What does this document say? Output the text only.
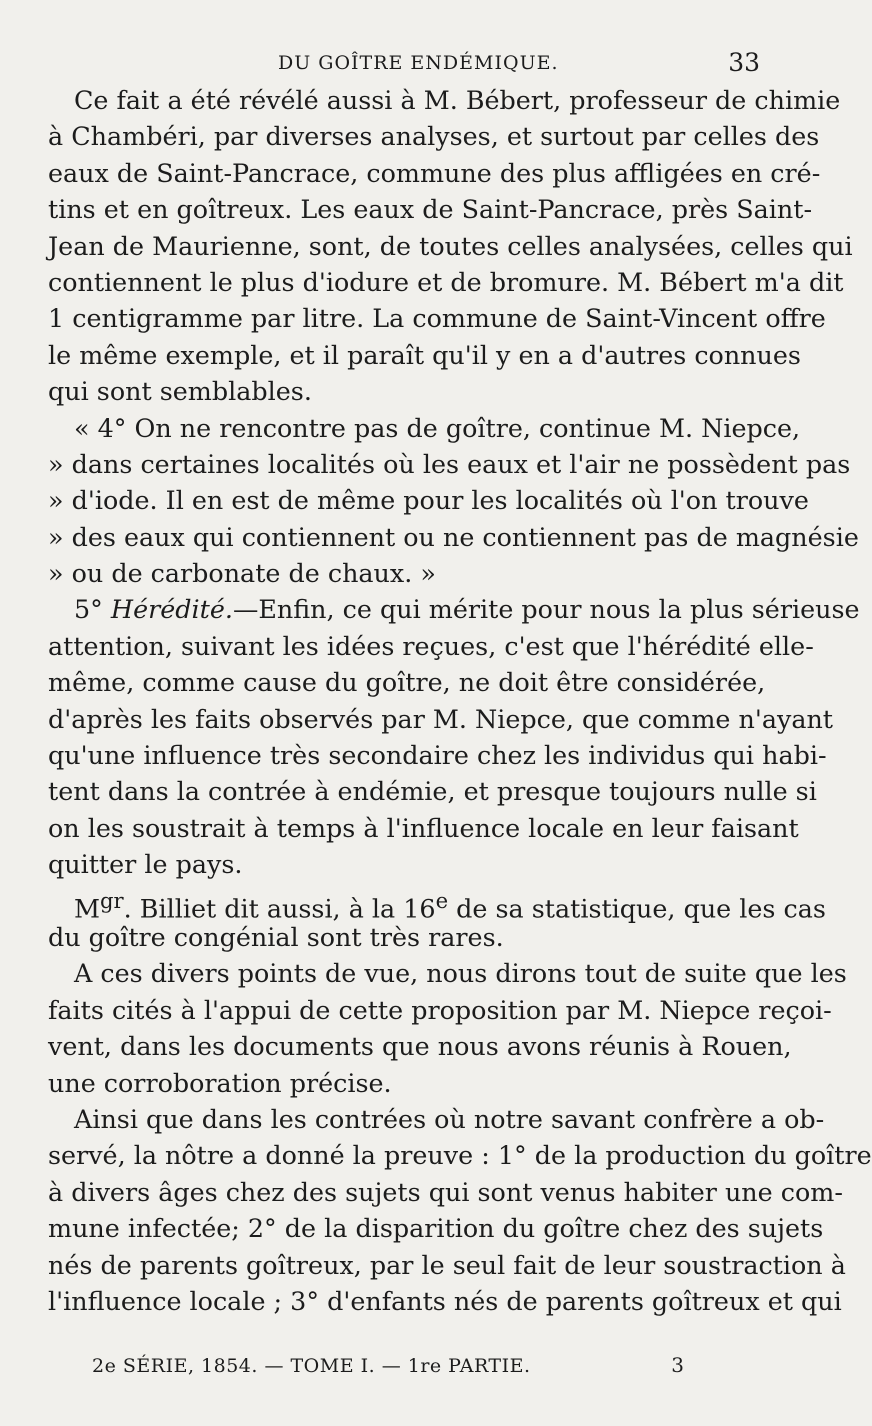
DU GOÎTRE ENDÉMIQUE.	33
Ce fait a été révélé aussi à M. Bébert, professeur de chimie
à Chambéri, par diverses analyses, et surtout par celles des
eaux de Saint-Pancrace, commune des plus affligées en cré-
tins et en goîtreux. Les eaux de Saint-Pancrace, près Saint-
Jean de Maurienne, sont, de toutes celles analysées, celles qui
contiennent le plus d'iodure et de bromure. M. Bébert m'a dit
1 centigramme par litre. La commune de Saint-Vincent offre
le même exemple, et il paraît qu'il y en a d'autres connues
qui sont semblables.
« 4° On ne rencontre pas de goître, continue M. Niepce,
» dans certaines localités où les eaux et l'air ne possèdent pas
» d'iode. Il en est de même pour les localités où l'on trouve
» des eaux qui contiennent ou ne contiennent pas de magnésie
» ou de carbonate de chaux. »
5° Hérédité.—Enfin, ce qui mérite pour nous la plus sérieuse
attention, suivant les idées reçues, c'est que l'hérédité elle-
même, comme cause du goître, ne doit être considérée,
d'après les faits observés par M. Niepce, que comme n'ayant
qu'une influence très secondaire chez les individus qui habi-
tent dans la contrée à endémie, et presque toujours nulle si
on les soustrait à temps à l'influence locale en leur faisant
quitter le pays.
$M^{gr}$. Billiet dit aussi, à la 16e de sa statistique, que les cas
du goître congénial sont très rares.
A ces divers points de vue, nous dirons tout de suite que les
faits cités à l'appui de cette proposition par M. Niepce reçoi-
vent, dans les documents que nous avons réunis à Rouen,
une corroboration précise.
Ainsi que dans les contrées où notre savant confrère a ob-
servé, la nôtre a donné la preuve : 1° de la production du goître
à divers âges chez des sujets qui sont venus habiter une com-
mune infectée; 2° de la disparition du goître chez des sujets
nés de parents goîtreux, par le seul fait de leur soustraction à
l'influence locale ; 3° d'enfants nés de parents goîtreux et qui
2e SÉRIE, 1854. — TOME I. — 1re PARTIE.	3
